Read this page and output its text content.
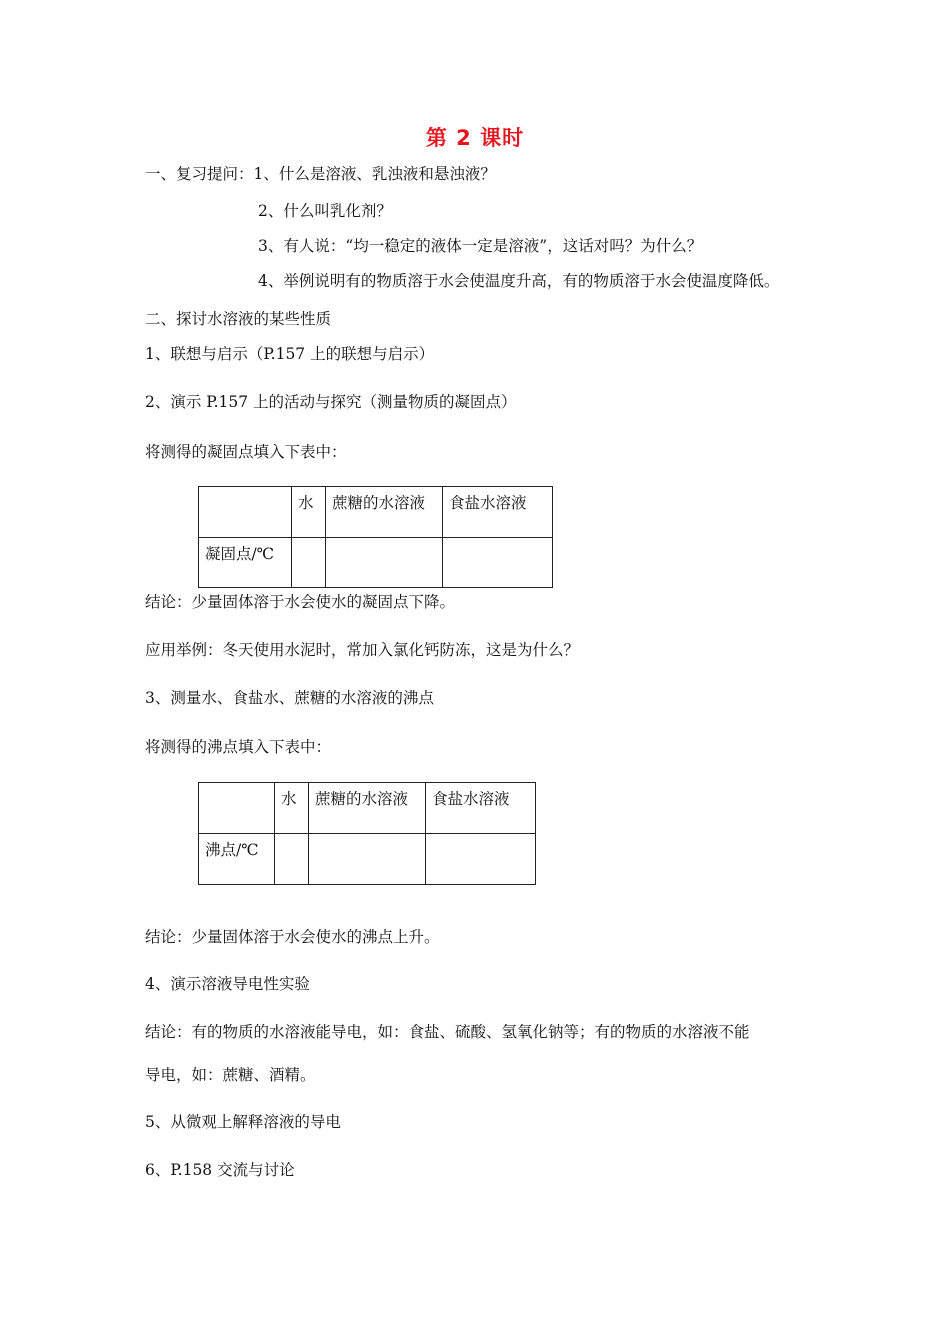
第 2 课时
一、复习提问：1、什么是溶液、乳浊液和悬浊液？
2、什么叫乳化剂？
3、有人说：“均一稳定的液体一定是溶液”，这话对吗？为什么？
4、举例说明有的物质溶于水会使温度升高，有的物质溶于水会使温度降低。
二、探讨水溶液的某些性质
1、联想与启示（P.157 上的联想与启示）
2、演示 P.157 上的活动与探究（测量物质的凝固点）
将测得的凝固点填入下表中：
	水	蔗糖的水溶液	食盐水溶液
凝固点/℃			
结论：少量固体溶于水会使水的凝固点下降。
应用举例：冬天使用水泥时，常加入氯化钙防冻，这是为什么？
3、测量水、食盐水、蔗糖的水溶液的沸点
将测得的沸点填入下表中：
	水	蔗糖的水溶液	食盐水溶液
沸点/℃			
结论：少量固体溶于水会使水的沸点上升。
4、演示溶液导电性实验
结论：有的物质的水溶液能导电，如：食盐、硫酸、氢氧化钠等；有的物质的水溶液不能
导电，如：蔗糖、酒精。
5、从微观上解释溶液的导电
6、P.158 交流与讨论
